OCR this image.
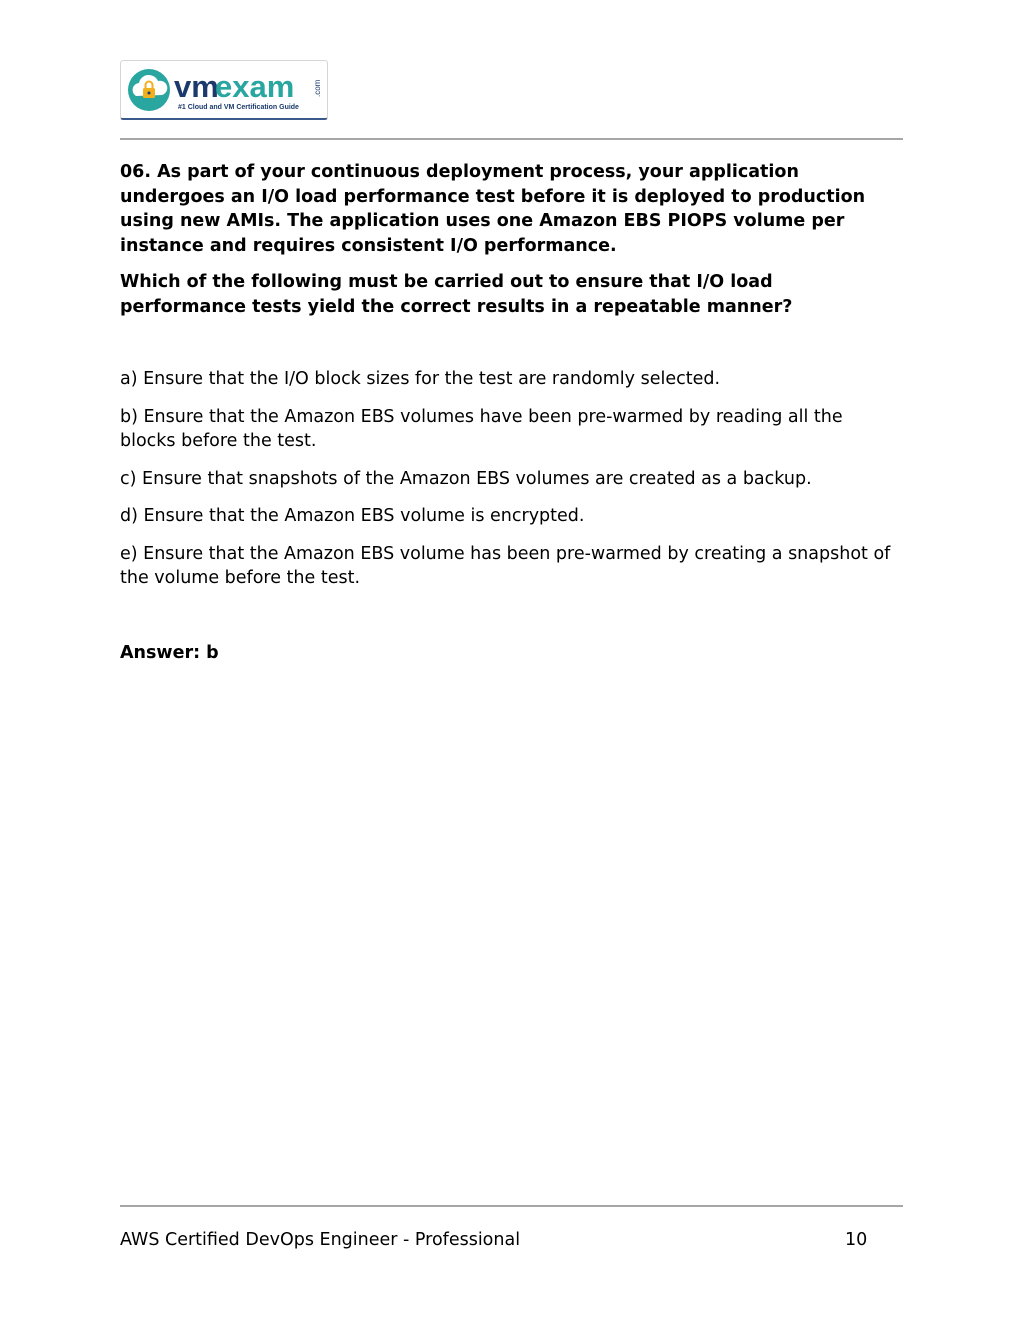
vm
exam .com
#1 Cloud and VM Certification Guide

06. As part of your continuous deployment process, your application undergoes an I/O load performance test before it is deployed to production using new AMIs. The application uses one Amazon EBS PIOPS volume per instance and requires consistent I/O performance.

Which of the following must be carried out to ensure that I/O load performance tests yield the correct results in a repeatable manner?

a) Ensure that the I/O block sizes for the test are randomly selected.

b) Ensure that the Amazon EBS volumes have been pre-warmed by reading all the blocks before the test.

c) Ensure that snapshots of the Amazon EBS volumes are created as a backup.

d) Ensure that the Amazon EBS volume is encrypted.

e) Ensure that the Amazon EBS volume has been pre-warmed by creating a snapshot of the volume before the test.

Answer: b
AWS Certified DevOps Engineer - Professional	10
